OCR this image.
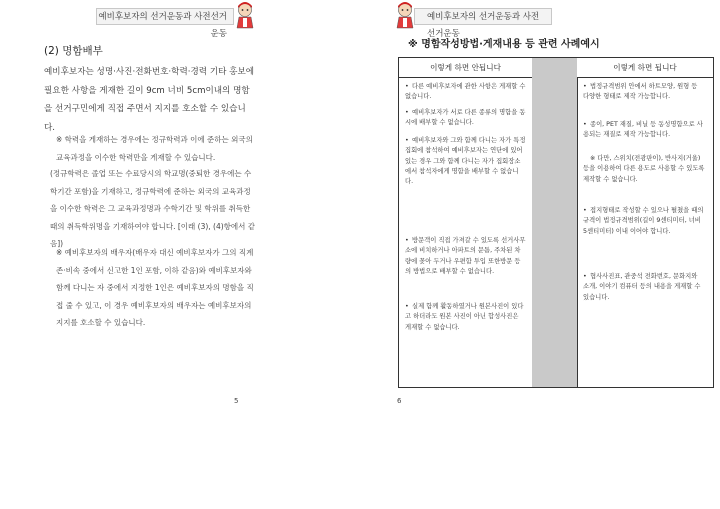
예비후보자의 선거운동과 사전선거운동
(2) 명함배부

예비후보자는 성명·사진·전화번호·학력·경력 기타 홍보에 필요한 사항을 게재한 길이 9cm 너비 5cm이내의 명함을 선거구민에게 직접 주면서 지지를 호소할 수 있습니다.

※ 학력을 게재하는 경우에는 정규학력과 이에 준하는 외국의 교육과정을 이수한 학력만을 게재할 수 있습니다.

(정규학력은 졸업 또는 수료당시의 학교명(중퇴한 경우에는 수학기간 포함)을 기재하고, 정규학력에 준하는 외국의 교육과정을 이수한 학력은 그 교육과정명과 수학기간 및 학위를 취득한 때의 취득학위명을 기재하여야 합니다. [이래 (3), (4)항에서 같음])

※ 예비후보자의 배우자(배우자 대신 예비후보자가 그의 직계존·비속 중에서 신고한 1인 포함, 이하 같음)와 예비후보자와 함께 다니는 자 중에서 지정한 1인은 예비후보자의 명함을 직접 줄 수 있고, 이 경우 예비후보자의 배우자는 예비후보자의 지지를 호소할 수 있습니다.

5
예비후보자의 선거운동과 사전선거운동
※ 명함작성방법·게재내용 등 관련 사례예시
이렇게 하면 안됩니다

• 다른 예비후보자에 관한 사항은 게재할 수 없습니다.

• 예비후보자가 서로 다른 종류의 명함을 동시에 배부할 수 없습니다.

• 예비후보자와 그와 함께 다니는 자가 특정 집회에 참석하여 예비후보자는 연단에 있어 있는 경우 그와 함께 다니는 자가 집회장소에서 참석자에게 명함을 배부할 수 없습니다.

• 방문객이 직접 가져갈 수 있도록 선거사무소에 비치하거나 아파트의 문틈, 주차된 차량에 꽂아 두거나 우편함 투입 또한방문 등의 방법으로 배부할 수 없습니다.

• 실제 함께 활동하였거나 원본사진이 있다고 하더라도 원본 사진이 아닌 합성사진은 게재할 수 없습니다.

이렇게 하면 됩니다

• 법정규격범위 안에서 하트모양, 원형 등 다양한 형태로 제작 가능합니다.

• 종이, PET 재질, 비닐 등 동성명함으로 사용되는 재질로 제작 가능합니다.

※ 다만, 스위치(전광판이), 반사지(거울) 등을 이용하여 다른 용도로 사용할 수 있도록 제작할 수 없습니다.

• 접지형태로 작성할 수 있으나 펼쳤을 때의 규격이 법정규격범위(길이 9센티미터, 너비 5센티미터) 이내 이어야 합니다.

• 협사사진표, 관중석 전화번호, 문화지와 소개, 이야기 컴퓨터 등의 내용을 게재할 수 있습니다.

6
